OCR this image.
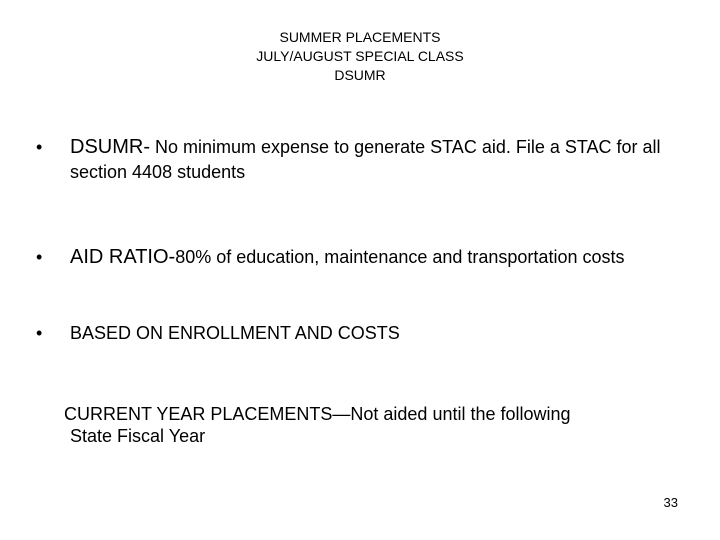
SUMMER PLACEMENTS
JULY/AUGUST SPECIAL CLASS
DSUMR
• DSUMR- No minimum expense to generate STAC aid. File a STAC for all section 4408 students
• AID RATIO-80% of education, maintenance and transportation costs
• BASED ON ENROLLMENT AND COSTS
CURRENT YEAR PLACEMENTS—Not aided until the following
State Fiscal Year
33
